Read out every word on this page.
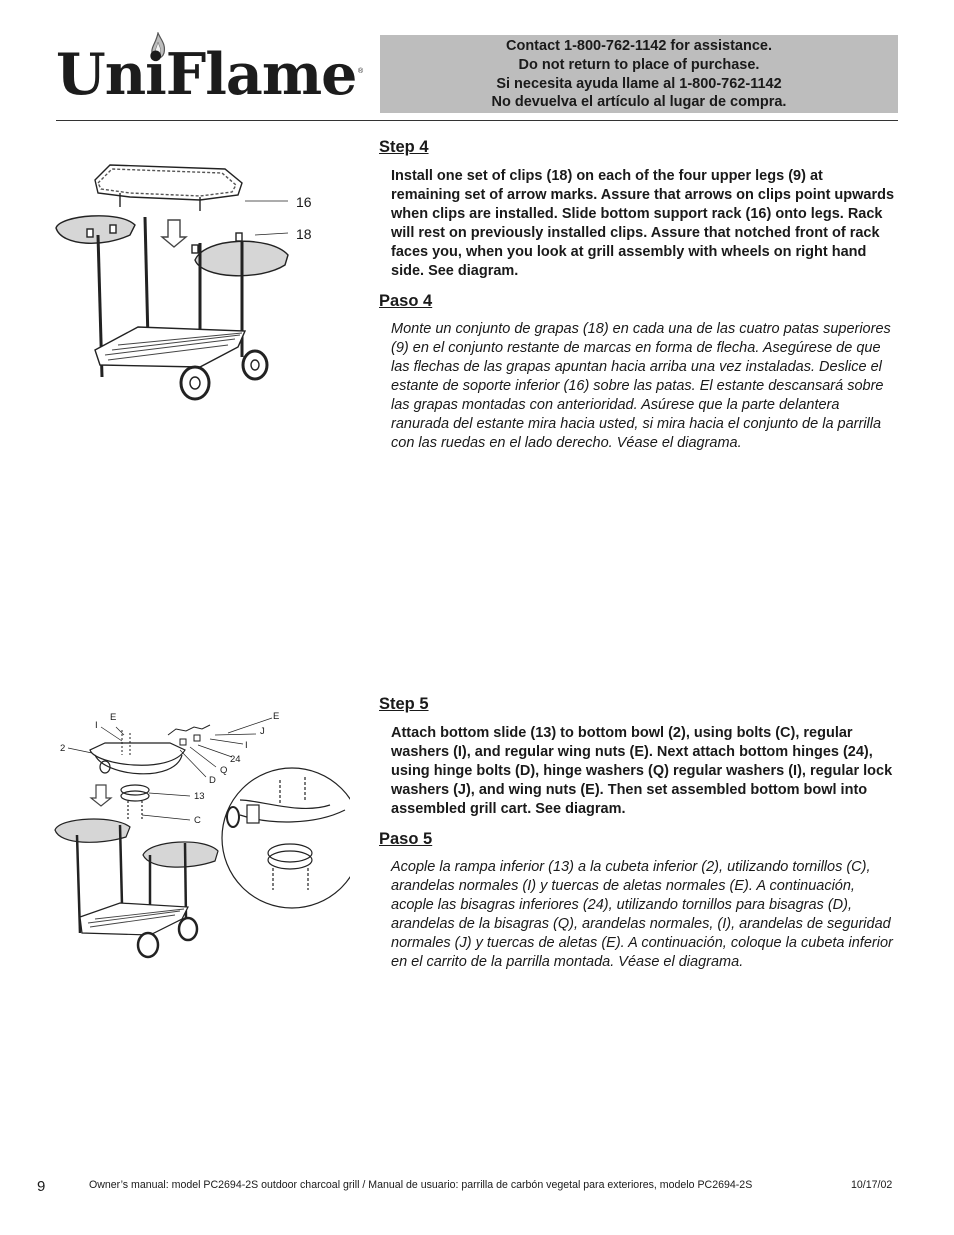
UniFlame ®
Contact 1-800-762-1142 for assistance.
Do not return to place of purchase.
Si necesita ayuda llame al 1-800-762-1142
No devuelva el artículo al lugar de compra.
16
18
Step 4

Install one set of clips (18) on each of the four upper legs (9) at remaining set of arrow marks. Assure that arrows on clips point upwards when clips are installed. Slide bottom support rack (16) onto legs. Rack will rest on previously installed clips. Assure that notched front of rack faces you, when you look at grill assembly with wheels on right hand side. See diagram.

Paso 4

Monte un conjunto de grapas (18) en cada una de las cuatro patas superiores (9) en el conjunto restante de marcas en forma de flecha. Asegúrese de que las flechas de las grapas apuntan hacia arriba una vez instaladas. Deslice el estante de soporte inferior (16) sobre las patas. El estante descansará sobre las grapas montadas con anterioridad. Asúrese que la parte delantera ranurada del estante mira hacia usted, si mira hacia el conjunto de la parrilla con las ruedas en el lado derecho. Véase el diagrama.

E
I
2
E
J
I
24
Q
D
13
C
Step 5

Attach bottom slide (13) to bottom bowl (2), using bolts (C), regular washers (I), and regular wing nuts (E). Next attach bottom hinges (24), using hinge bolts (D), hinge washers (Q) regular washers (I), regular lock washers (J), and wing nuts (E). Then set assembled bottom bowl into assembled grill cart. See diagram.

Paso 5

Acople la rampa inferior (13) a la cubeta inferior (2), utilizando tornillos (C), arandelas normales (I) y tuercas de aletas normales (E). A continuación, acople las bisagras inferiores (24), utilizando tornillos para bisagras (D), arandelas de la bisagras (Q), arandelas normales, (I), arandelas de seguridad normales (J) y tuercas de aletas (E). A continuación, coloque la cubeta inferior en el carrito de la parrilla montada. Véase el diagrama.

9	Owner’s manual: model PC2694-2S outdoor charcoal grill / Manual de usuario: parrilla de carbón vegetal para exteriores, modelo PC2694-2S	10/17/02
